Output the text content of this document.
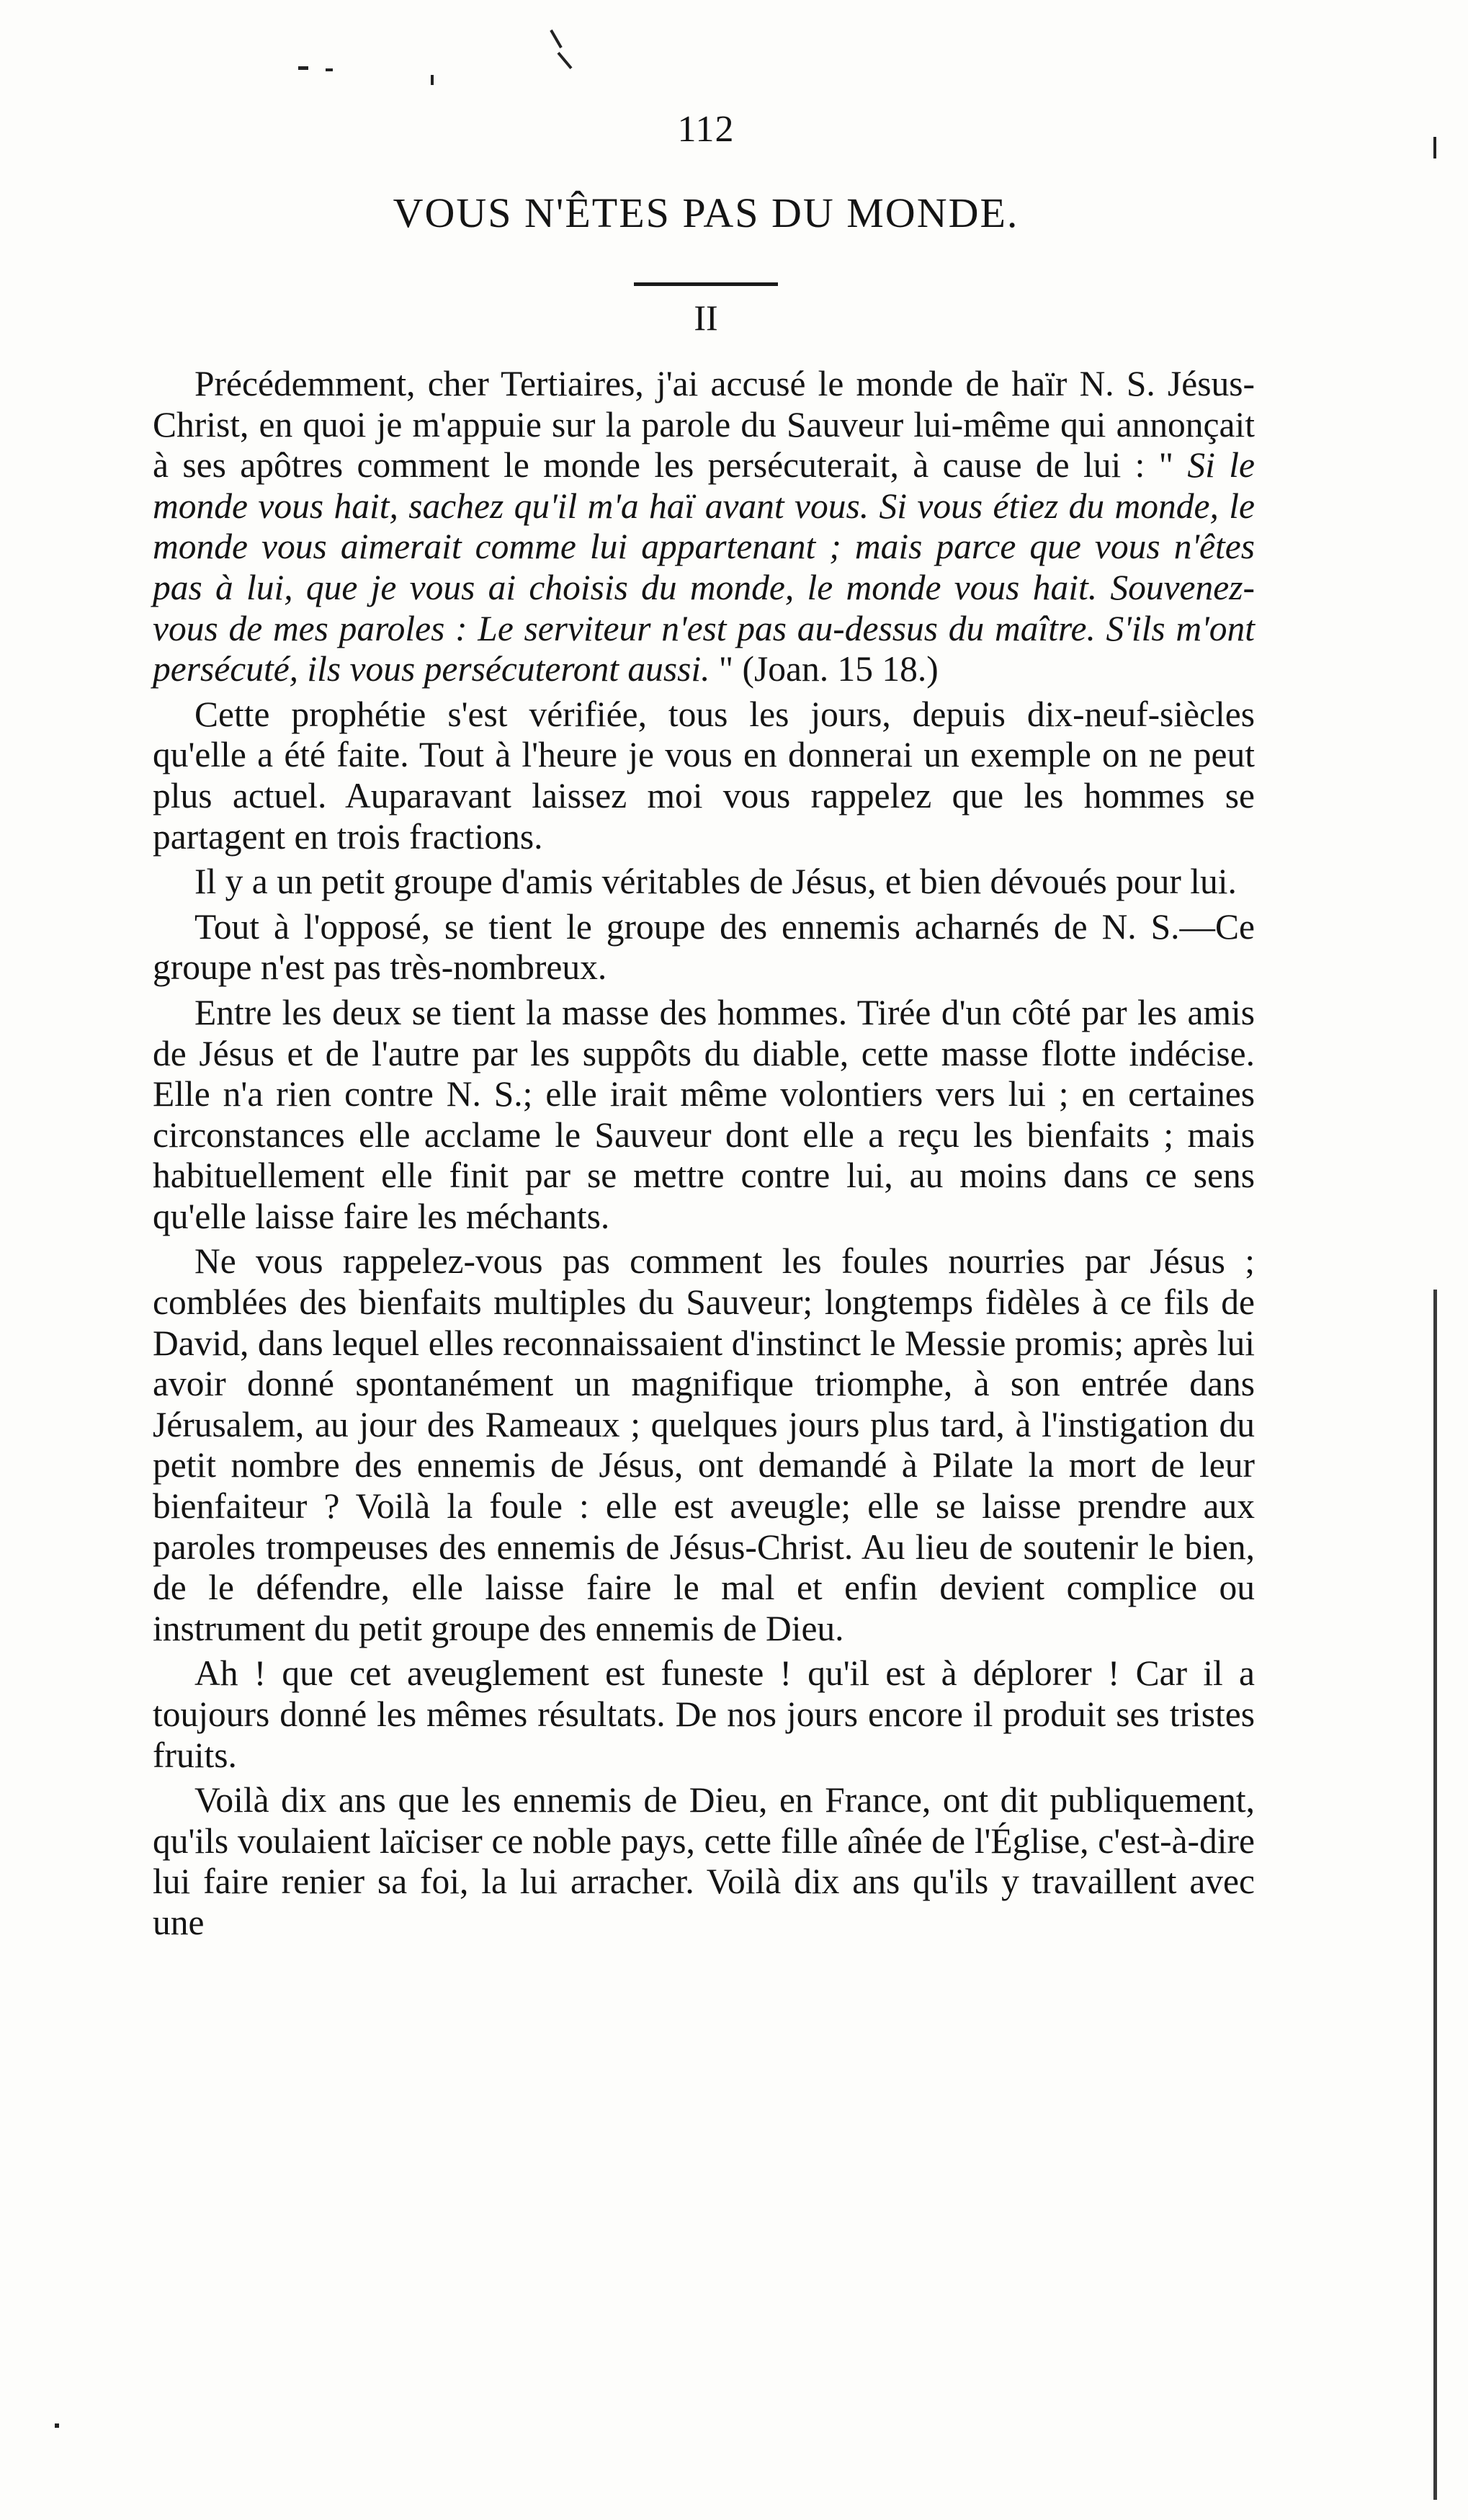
112
VOUS N'ÊTES PAS DU MONDE.
II

Précédemment, cher Tertiaires, j'ai accusé le monde de haïr N. S. Jésus-Christ, en quoi je m'appuie sur la parole du Sauveur lui-même qui annonçait à ses apôtres comment le monde les persécuterait, à cause de lui : " Si le monde vous hait, sachez qu'il m'a haï avant vous. Si vous étiez du monde, le monde vous aimerait comme lui appartenant ; mais parce que vous n'êtes pas à lui, que je vous ai choisis du monde, le monde vous hait. Souvenez-vous de mes paroles : Le serviteur n'est pas au-dessus du maître. S'ils m'ont persécuté, ils vous persécuteront aussi. " (Joan. 15 18.)

Cette prophétie s'est vérifiée, tous les jours, depuis dix-neuf-siècles qu'elle a été faite. Tout à l'heure je vous en donnerai un exemple on ne peut plus actuel. Auparavant laissez moi vous rappelez que les hommes se partagent en trois fractions.

Il y a un petit groupe d'amis véritables de Jésus, et bien dévoués pour lui.

Tout à l'opposé, se tient le groupe des ennemis acharnés de N. S.—Ce groupe n'est pas très-nombreux.

Entre les deux se tient la masse des hommes. Tirée d'un côté par les amis de Jésus et de l'autre par les suppôts du diable, cette masse flotte indécise. Elle n'a rien contre N. S.; elle irait même volontiers vers lui ; en certaines circonstances elle acclame le Sauveur dont elle a reçu les bienfaits ; mais habituellement elle finit par se mettre contre lui, au moins dans ce sens qu'elle laisse faire les méchants.

Ne vous rappelez-vous pas comment les foules nourries par Jésus ; comblées des bienfaits multiples du Sauveur; longtemps fidèles à ce fils de David, dans lequel elles reconnaissaient d'instinct le Messie promis; après lui avoir donné spontanément un magnifique triomphe, à son entrée dans Jérusalem, au jour des Rameaux ; quelques jours plus tard, à l'instigation du petit nombre des ennemis de Jésus, ont demandé à Pilate la mort de leur bienfaiteur ? Voilà la foule : elle est aveugle; elle se laisse prendre aux paroles trompeuses des ennemis de Jésus-Christ. Au lieu de soutenir le bien, de le défendre, elle laisse faire le mal et enfin devient complice ou instrument du petit groupe des ennemis de Dieu.

Ah ! que cet aveuglement est funeste ! qu'il est à déplorer ! Car il a toujours donné les mêmes résultats. De nos jours encore il produit ses tristes fruits.

Voilà dix ans que les ennemis de Dieu, en France, ont dit publiquement, qu'ils voulaient laïciser ce noble pays, cette fille aînée de l'Église, c'est-à-dire lui faire renier sa foi, la lui arracher. Voilà dix ans qu'ils y travaillent avec une
